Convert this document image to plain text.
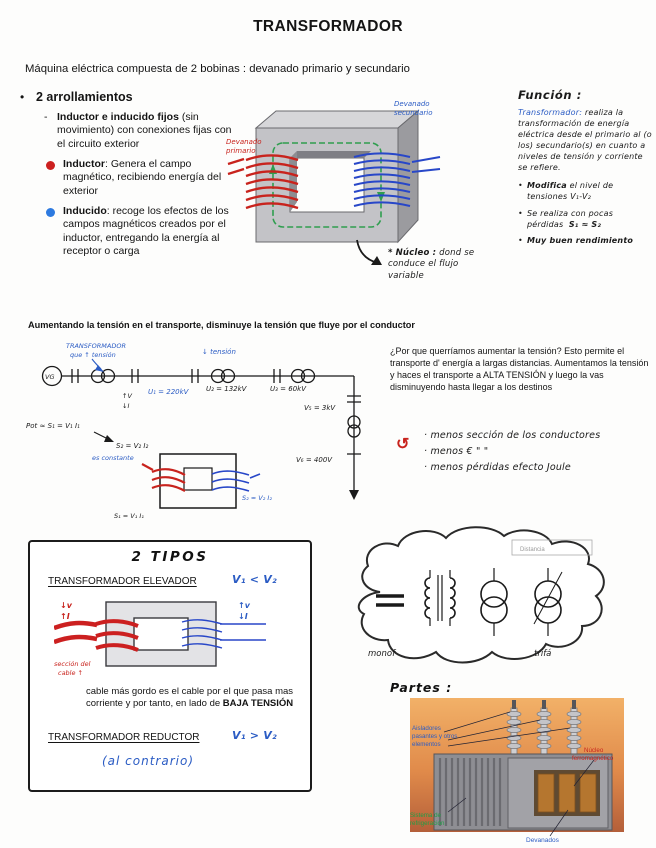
TRANSFORMADOR
Máquina eléctrica compuesta de 2 bobinas : devanado primario y secundario
• 2 arrollamientos
- Inductor e inducido fijos (sin movimiento) con conexiones fijas con el circuito exterior
Inductor: Genera el campo magnético, recibiendo energía del exterior
Inducido: recoge los efectos de los campos magnéticos creados por el inductor, entregando la energía al receptor o carga
Devanado
primario
Devanado
secundario
* Núcleo : dond se conduce el flujo variable
Función :
Transformador: realiza la transformación de energía eléctrica desde el primario al (o los) secundario(s) en cuanto a niveles de tensión y corriente se refiere.
• Modifica el nivel de tensiones V₁-V₂
• Se realiza con pocas pérdidas S₁ ≈ S₂
• Muy buen rendimiento
Aumentando la tensión en el transporte, disminuye la tensión que fluye por el conductor
VG
TRANSFORMADOR
que ↑ tensión	↓ tensión
U₁ = 220kV	U₂ = 132kV	U₃ = 60kV
V₅ = 3kV
V₆ = 400V
↑V
↓I
Pot ≈ S₁ = V₁ I₁
S₂ = V₂ I₂
es constante
S₁ = V₁ I₁
S₂ ≈ V₂ I₂
¿Por que querríamos aumentar la tensión? Esto permite el transporte d' energía a largas distancias. Aumentamos la tensión y haces el transporte a ALTA TENSIÓN y luego la vas disminuyendo hasta llegar a los destinos
↺
· menos sección de los conductores
· menos € " "
· menos pérdidas efecto Joule
2 TIPOS
TRANSFORMADOR ELEVADOR	V₁ < V₂
↓v
↑I
↑v
↓I
sección del
cable ↑
cable más gordo es el cable por el que pasa mas corriente y por tanto, en lado de BAJA TENSIÓN
TRANSFORMADOR REDUCTOR	V₁ > V₂
(al contrario)
Distancia
monof	trifá
Partes :
Aisladores
pasantes y otros
elementos
Núcleo
ferromagnético
Sistema de
refrigeración
Devanados
